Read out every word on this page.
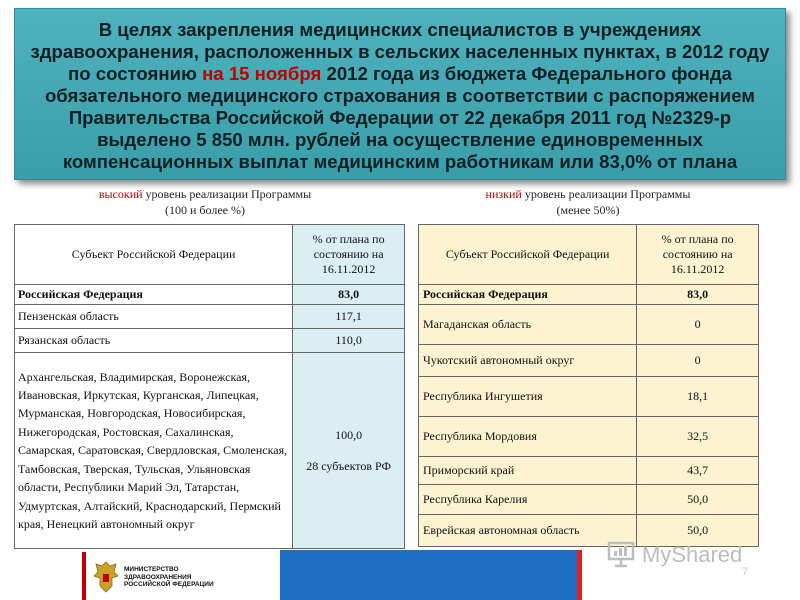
В целях закрепления медицинских специалистов в учреждениях здравоохранения, расположенных в сельских населенных пунктах, в 2012 году по состоянию на 15 ноября 2012 года из бюджета Федерального фонда обязательного медицинского страхования в соответствии с распоряжением Правительства Российской Федерации от 22 декабря 2011 год №2329-р выделено 5 850 млн. рублей на осуществление единовременных компенсационных выплат медицинским работникам или 83,0% от плана
высокий уровень реализации Программы
(100 и более %)
низкий уровень реализации Программы
(менее 50%)
Субъект Российской Федерации	% от плана по состоянию на 16.11.2012
Российская Федерация	83,0
Пензенская область	117,1
Рязанская область	110,0
Архангельская, Владимирская, Воронежская, Ивановская, Иркутская, Курганская, Липецкая, Мурманская, Новгородская, Новосибирская, Нижегородская, Ростовская, Сахалинская, Самарская, Саратовская, Свердловская, Смоленская, Тамбовская, Тверская, Тульская, Ульяновская области, Республики Марий Эл, Татарстан, Удмуртская, Алтайский, Краснодарский, Пермский края, Ненецкий автономный округ	100,0
28 субъектов РФ
Субъект Российской Федерации	% от плана по состоянию на 16.11.2012
Российская Федерация	83,0
Магаданская область	0
Чукотский автономный округ	0
Республика Ингушетия	18,1
Республика Мордовия	32,5
Приморский край	43,7
Республика Карелия	50,0
Еврейская автономная область	50,0
МИНИСТЕРСТВО
ЗДРАВООХРАНЕНИЯ
РОССИЙСКОЙ ФЕДЕРАЦИИ
MyShared
7
